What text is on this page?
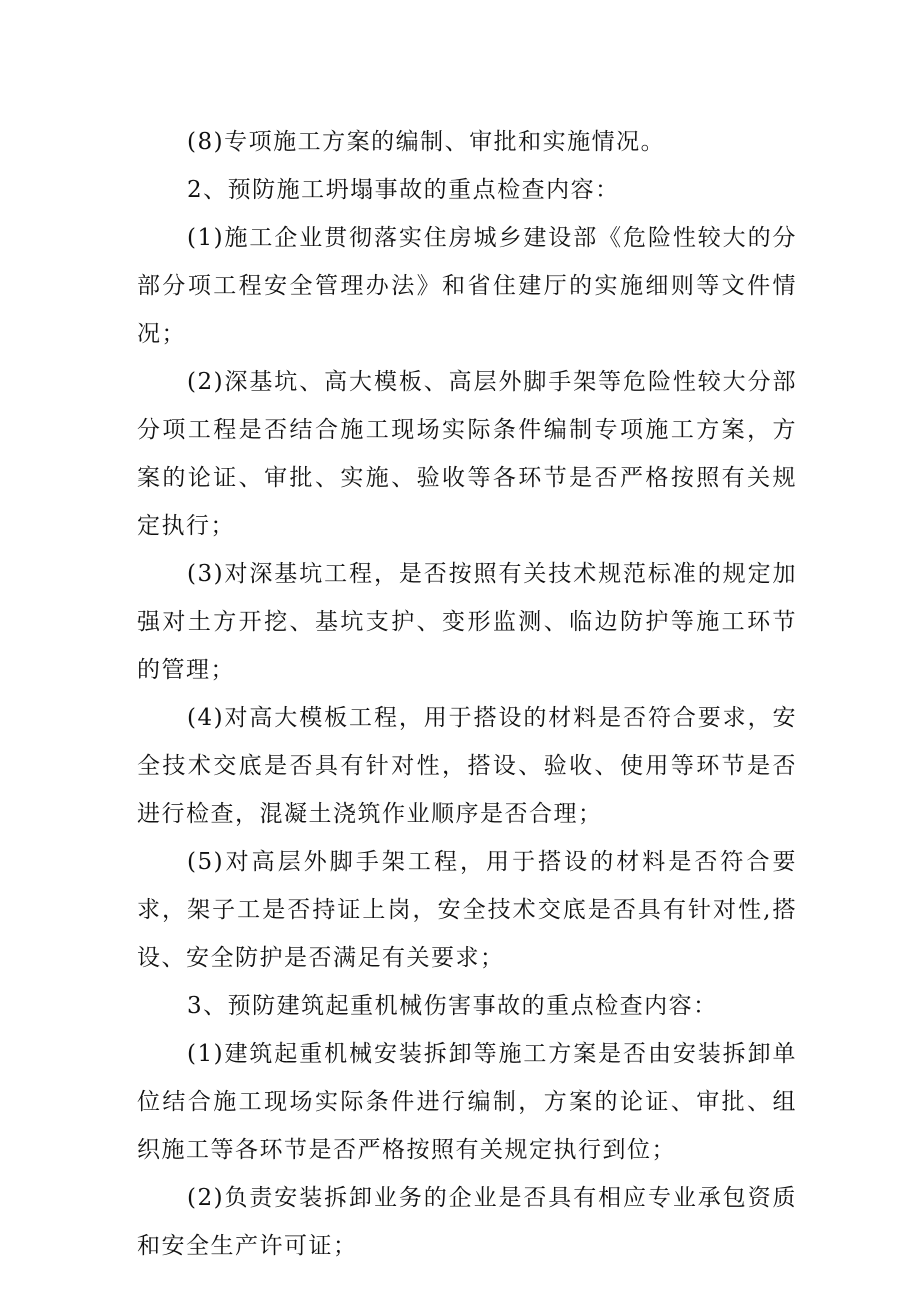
(8)专项施工方案的编制、审批和实施情况。

2、预防施工坍塌事故的重点检查内容：

(1)施工企业贯彻落实住房城乡建设部《危险性较大的分部分项工程安全管理办法》和省住建厅的实施细则等文件情况；

(2)深基坑、高大模板、高层外脚手架等危险性较大分部分项工程是否结合施工现场实际条件编制专项施工方案，方案的论证、审批、实施、验收等各环节是否严格按照有关规定执行；

(3)对深基坑工程，是否按照有关技术规范标准的规定加强对土方开挖、基坑支护、变形监测、临边防护等施工环节的管理；

(4)对高大模板工程，用于搭设的材料是否符合要求，安全技术交底是否具有针对性，搭设、验收、使用等环节是否进行检查，混凝土浇筑作业顺序是否合理；

(5)对高层外脚手架工程，用于搭设的材料是否符合要求，架子工是否持证上岗，安全技术交底是否具有针对性,搭设、安全防护是否满足有关要求；

3、预防建筑起重机械伤害事故的重点检查内容：

(1)建筑起重机械安装拆卸等施工方案是否由安装拆卸单位结合施工现场实际条件进行编制，方案的论证、审批、组织施工等各环节是否严格按照有关规定执行到位；

(2)负责安装拆卸业务的企业是否具有相应专业承包资质和安全生产许可证；
